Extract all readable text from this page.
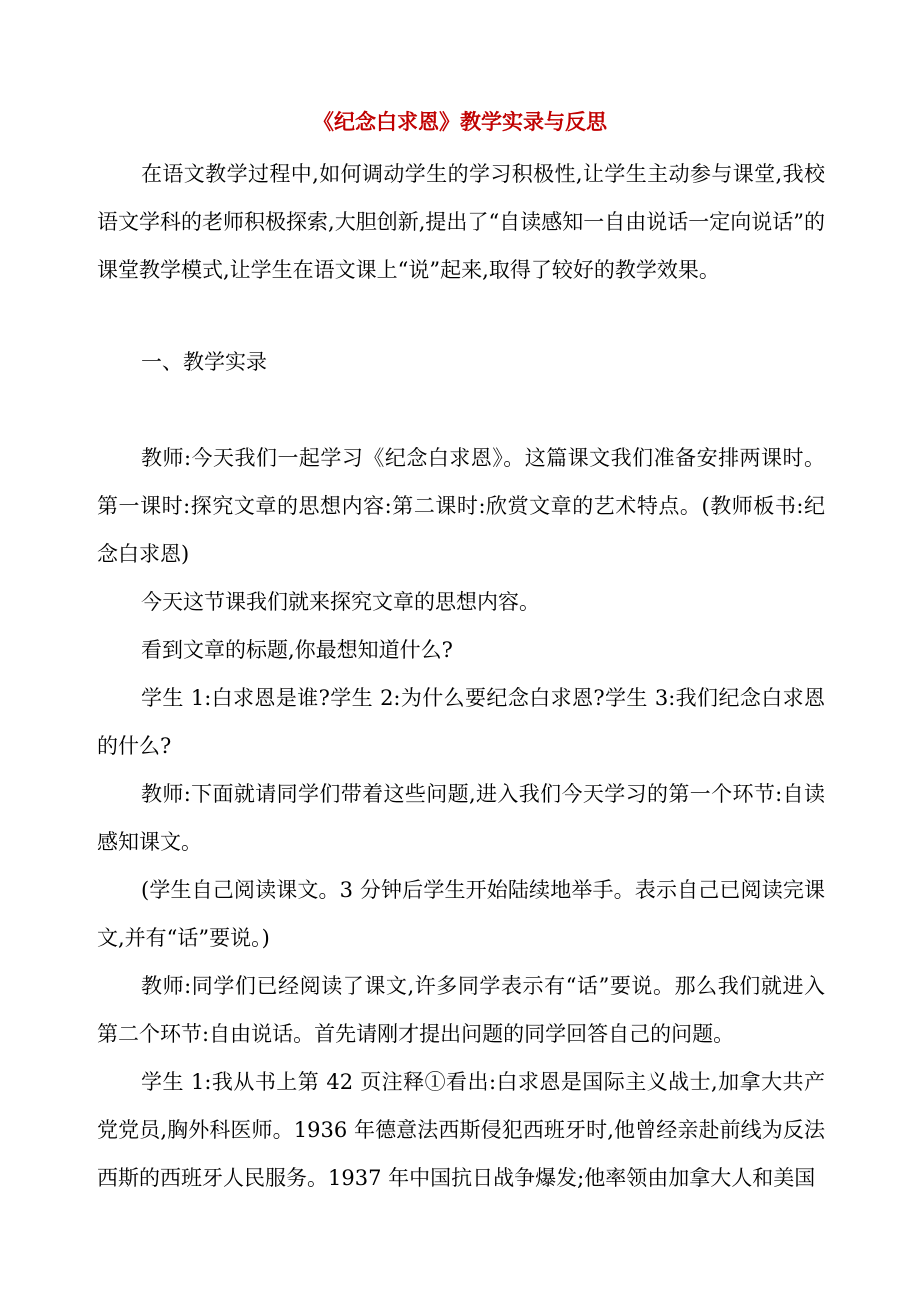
《纪念白求恩》教学实录与反思

在语文教学过程中,如何调动学生的学习积极性,让学生主动参与课堂,我校语文学科的老师积极探索,大胆创新,提出了“自读感知一自由说话一定向说话”的课堂教学模式,让学生在语文课上“说”起来,取得了较好的教学效果。

一、教学实录

教师:今天我们一起学习《纪念白求恩》。这篇课文我们准备安排两课时。第一课时:探究文章的思想内容:第二课时:欣赏文章的艺术特点。(教师板书:纪念白求恩)

今天这节课我们就来探究文章的思想内容。

看到文章的标题,你最想知道什么?

学生 1:白求恩是谁?学生 2:为什么要纪念白求恩?学生 3:我们纪念白求恩的什么?

教师:下面就请同学们带着这些问题,进入我们今天学习的第一个环节:自读感知课文。

(学生自己阅读课文。3 分钟后学生开始陆续地举手。表示自己已阅读完课文,并有“话”要说。)

教师:同学们已经阅读了课文,许多同学表示有“话”要说。那么我们就进入第二个环节:自由说话。首先请刚才提出问题的同学回答自己的问题。

学生 1:我从书上第 42 页注释①看出:白求恩是国际主义战士,加拿大共产党党员,胸外科医师。1936 年德意法西斯侵犯西班牙时,他曾经亲赴前线为反法西斯的西班牙人民服务。1937 年中国抗日战争爆发;他率领由加拿大人和美国
